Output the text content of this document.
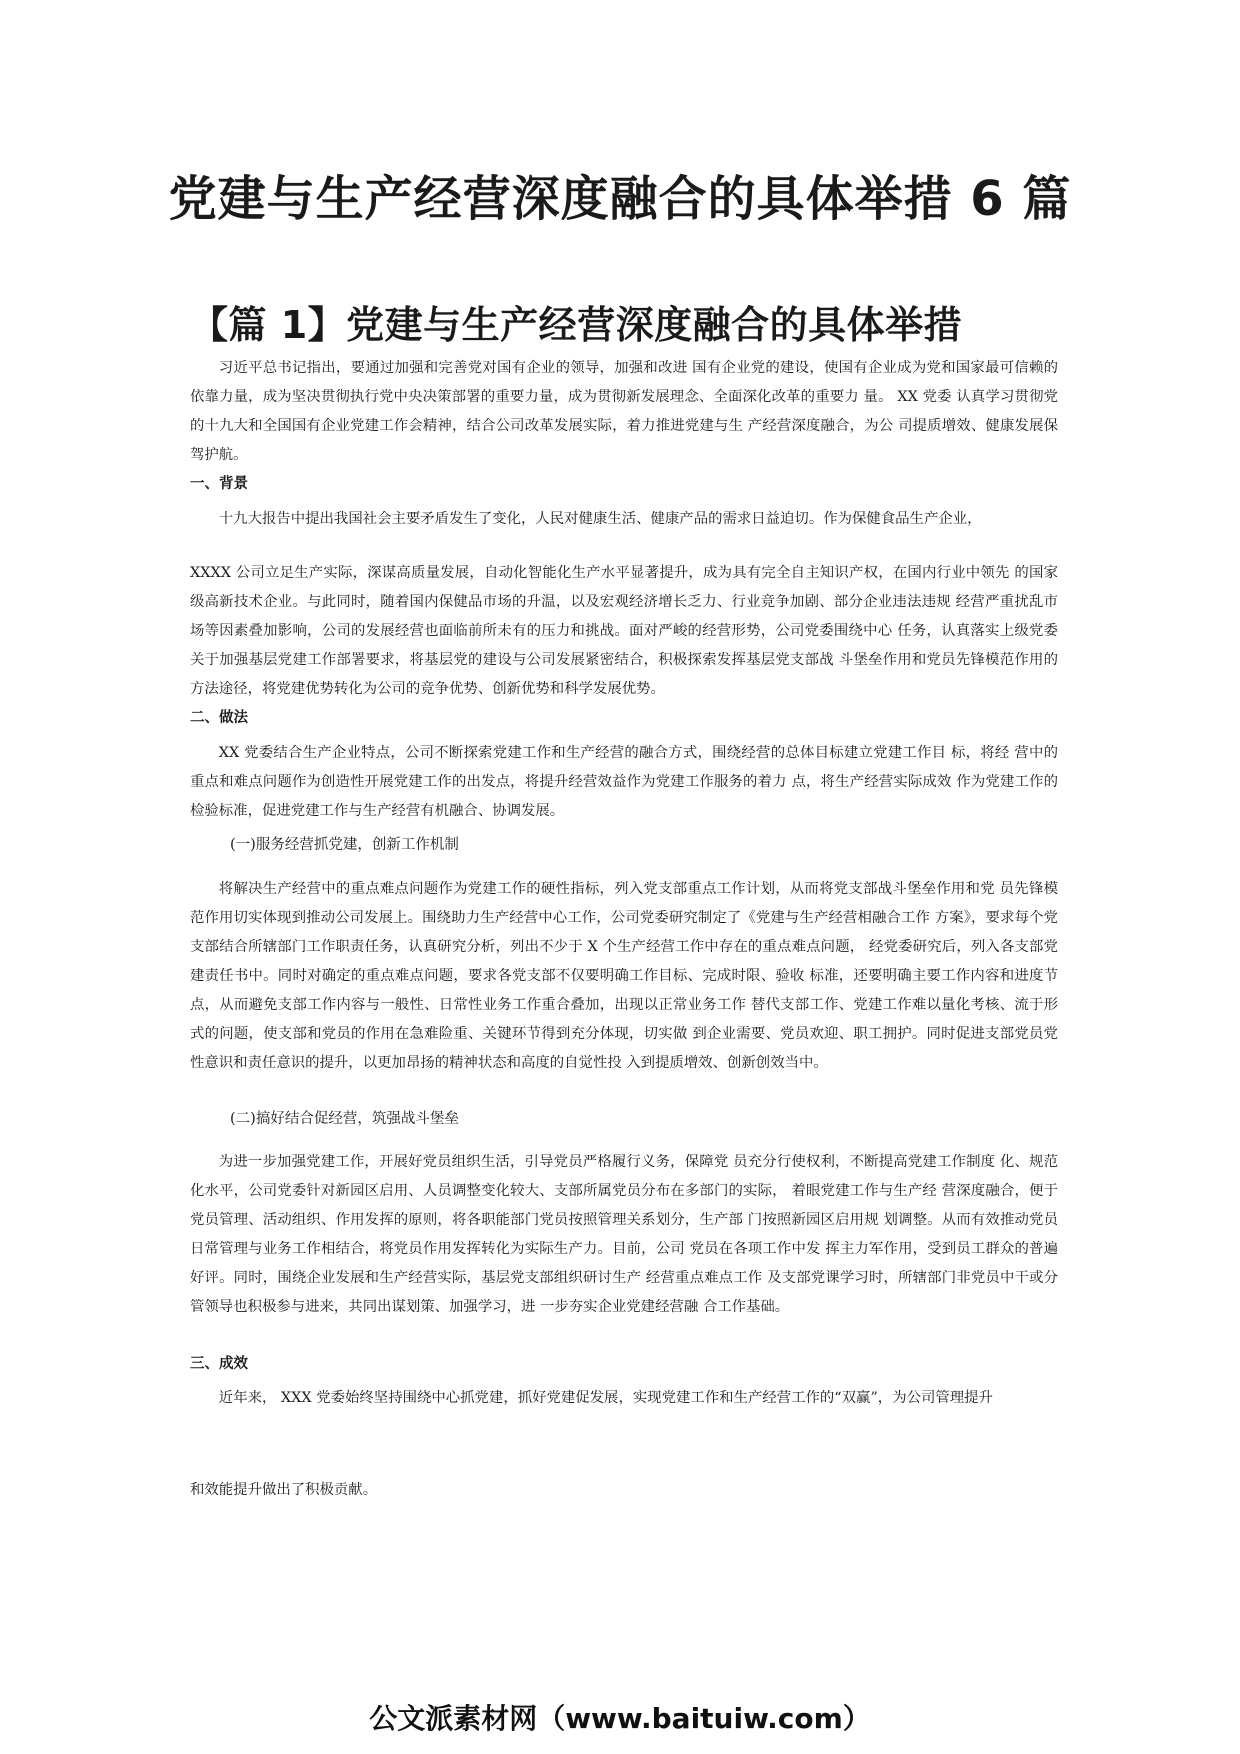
党建与生产经营深度融合的具体举措 6 篇
【篇 1】党建与生产经营深度融合的具体举措

习近平总书记指出，要通过加强和完善党对国有企业的领导，加强和改进 国有企业党的建设，使国有企业成为党和国家最可信赖的依靠力量，成为坚决贯彻执行党中央决策部署的重要力量，成为贯彻新发展理念、全面深化改革的重要力 量。 XX 党委 认真学习贯彻党的十九大和全国国有企业党建工作会精神，结合公司改革发展实际，着力推进党建与生 产经营深度融合，为公 司提质增效、健康发展保驾护航。

一、背景

十九大报告中提出我国社会主要矛盾发生了变化，人民对健康生活、健康产品的需求日益迫切。作为保健食品生产企业，

XXXX 公司立足生产实际，深谋高质量发展，自动化智能化生产水平显著提升，成为具有完全自主知识产权，在国内行业中领先 的国家级高新技术企业。与此同时，随着国内保健品市场的升温，以及宏观经济增长乏力、行业竞争加剧、部分企业违法违规 经营严重扰乱市场等因素叠加影响，公司的发展经营也面临前所未有的压力和挑战。面对严峻的经营形势，公司党委围绕中心 任务，认真落实上级党委关于加强基层党建工作部署要求，将基层党的建设与公司发展紧密结合，积极探索发挥基层党支部战 斗堡垒作用和党员先锋模范作用的方法途径，将党建优势转化为公司的竞争优势、创新优势和科学发展优势。

二、做法

XX 党委结合生产企业特点，公司不断探索党建工作和生产经营的融合方式，围绕经营的总体目标建立党建工作目 标，将经 营中的重点和难点问题作为创造性开展党建工作的出发点，将提升经营效益作为党建工作服务的着力 点，将生产经营实际成效 作为党建工作的检验标准，促进党建工作与生产经营有机融合、协调发展。

(一)服务经营抓党建，创新工作机制

将解决生产经营中的重点难点问题作为党建工作的硬性指标，列入党支部重点工作计划，从而将党支部战斗堡垒作用和党 员先锋模范作用切实体现到推动公司发展上。围绕助力生产经营中心工作，公司党委研究制定了《党建与生产经营相融合工作 方案》，要求每个党支部结合所辖部门工作职责任务，认真研究分析，列出不少于 X 个生产经营工作中存在的重点难点问题， 经党委研究后，列入各支部党建责任书中。同时对确定的重点难点问题，要求各党支部不仅要明确工作目标、完成时限、验收 标准，还要明确主要工作内容和进度节点，从而避免支部工作内容与一般性、日常性业务工作重合叠加，出现以正常业务工作 替代支部工作、党建工作难以量化考核、流于形式的问题，使支部和党员的作用在急难险重、关键环节得到充分体现，切实做 到企业需要、党员欢迎、职工拥护。同时促进支部党员党性意识和责任意识的提升，以更加昂扬的精神状态和高度的自觉性投 入到提质增效、创新创效当中。

(二)搞好结合促经营，筑强战斗堡垒

为进一步加强党建工作，开展好党员组织生活，引导党员严格履行义务，保障党 员充分行使权利，不断提高党建工作制度 化、规范化水平，公司党委针对新园区启用、人员调整变化较大、支部所属党员分布在多部门的实际， 着眼党建工作与生产经 营深度融合，便于党员管理、活动组织、作用发挥的原则，将各职能部门党员按照管理关系划分，生产部 门按照新园区启用规 划调整。从而有效推动党员日常管理与业务工作相结合，将党员作用发挥转化为实际生产力。目前，公司 党员在各项工作中发 挥主力军作用，受到员工群众的普遍好评。同时，围绕企业发展和生产经营实际，基层党支部组织研讨生产 经营重点难点工作 及支部党课学习时，所辖部门非党员中干或分管领导也积极参与进来，共同出谋划策、加强学习，进 一步夯实企业党建经营融 合工作基础。

三、成效

近年来， XXX 党委始终坚持围绕中心抓党建，抓好党建促发展，实现党建工作和生产经营工作的“双赢”，为公司管理提升

和效能提升做出了积极贡献。

公文派素材网（www.baituiw.com）
